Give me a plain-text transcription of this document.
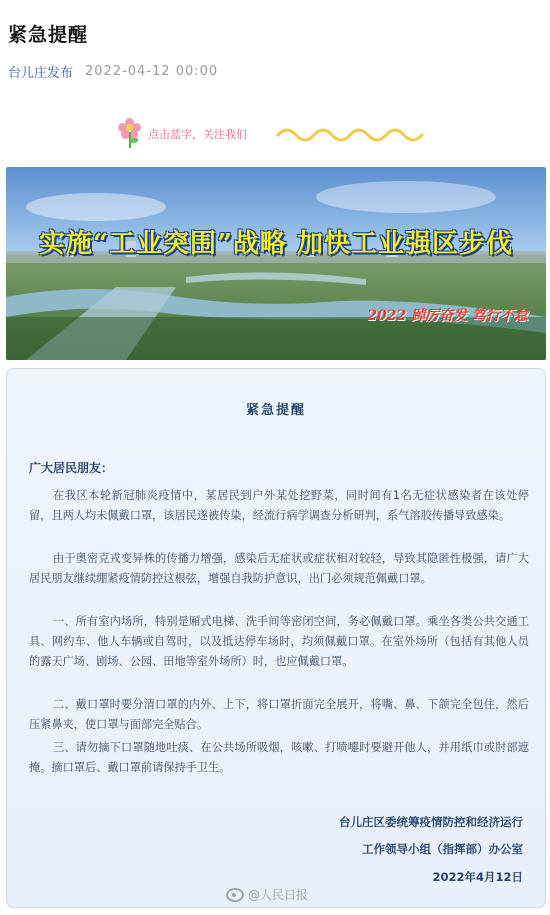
紧急提醒
台儿庄发布 2022-04-12 00:00
点击蓝字，关注我们
实施“工业突围”战略 加快工业强区步伐
2022 踔厉奋发 笃行不怠
紧急提醒
广大居民朋友：

在我区本轮新冠肺炎疫情中，某居民到户外某处挖野菜，同时间有1名无症状感染者在该处停留，且两人均未佩戴口罩，该居民遂被传染，经流行病学调查分析研判，系气溶胶传播导致感染。

由于奥密克戎变异株的传播力增强，感染后无症状或症状相对较轻，导致其隐匿性极强，请广大居民朋友继续绷紧疫情防控这根弦，增强自我防护意识，出门必须规范佩戴口罩。

一、所有室内场所，特别是厢式电梯、洗手间等密闭空间，务必佩戴口罩。乘坐各类公共交通工具、网约车、他人车辆或自驾时，以及抵达停车场时，均须佩戴口罩。在室外场所（包括有其他人员的露天广场、剧场、公园、田地等室外场所）时，也应佩戴口罩。

二、戴口罩时要分清口罩的内外、上下，将口罩折面完全展开，将嘴、鼻、下颌完全包住，然后压紧鼻夹，使口罩与面部完全贴合。

三、请勿摘下口罩随地吐痰、在公共场所吸烟，咳嗽、打喷嚏时要避开他人，并用纸巾或肘部遮掩。摘口罩后、戴口罩前请保持手卫生。

台儿庄区委统筹疫情防控和经济运行
工作领导小组（指挥部）办公室
2022年4月12日
@人民日报
